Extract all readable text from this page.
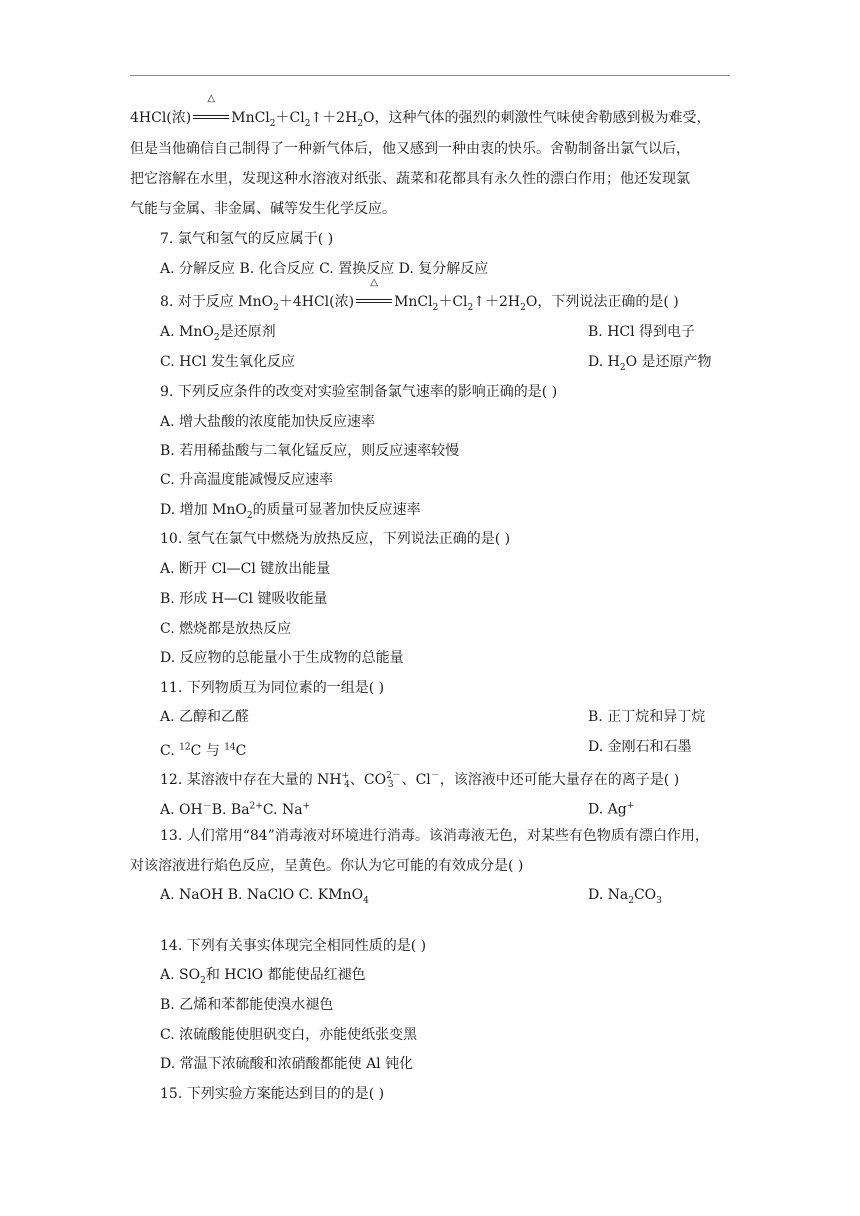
4HCl(浓)
△
$MnCl_2+Cl_2↑+2H_2O$，这种气体的强烈的刺激性气味使舍勒感到极为难受，
但是当他确信自己制得了一种新气体后，他又感到一种由衷的快乐。舍勒制备出氯气以后，
把它溶解在水里，发现这种水溶液对纸张、蔬菜和花都具有永久性的漂白作用；他还发现氯
气能与金属、非金属、碱等发生化学反应。
7. 氯气和氢气的反应属于( )
A. 分解反应 B. 化合反应 C. 置换反应 D. 复分解反应
8. 对于反应 MnO$_2$＋4HCl(浓)
△
$MnCl_2+Cl_2↑+2H_2O$，下列说法正确的是( )
A. MnO$_2$是还原剂	B. HCl 得到电子
C. HCl 发生氧化反应	D. $H_2O$ 是还原产物
9. 下列反应条件的改变对实验室制备氯气速率的影响正确的是( )
A. 增大盐酸的浓度能加快反应速率
B. 若用稀盐酸与二氧化锰反应，则反应速率较慢
C. 升高温度能减慢反应速率
D. 增加 MnO$_2$的质量可显著加快反应速率
10. 氢气在氯气中燃烧为放热反应，下列说法正确的是( )
A. 断开 Cl—Cl 键放出能量
B. 形成 H—Cl 键吸收能量
C. 燃烧都是放热反应
D. 反应物的总能量小于生成物的总能量
11. 下列物质互为同位素的一组是( )
A. 乙醇和乙醛	B. 正丁烷和异丁烷
C. $^{12}$C 与 $^{14}$C	D. 金刚石和石墨
12. 某溶液中存在大量的 $NH^+_4$、$CO^{2-}_3$ 、Cl－，该溶液中还可能大量存在的离子是( )
A. OH－B. $Ba^{2+}C$. Na+	D. Ag+
13. 人们常用“84”消毒液对环境进行消毒。该消毒液无色，对某些有色物质有漂白作用，
对该溶液进行焰色反应，呈黄色。你认为它可能的有效成分是( )
A. NaOH B. NaClO C. KMnO$_4$	D. $Na_2CO_3$
14. 下列有关事实体现完全相同性质的是( )
A. $SO_2$和 HClO 都能使品红褪色
B. 乙烯和苯都能使溴水褪色
C. 浓硫酸能使胆矾变白，亦能使纸张变黑
D. 常温下浓硫酸和浓硝酸都能使 Al 钝化
15. 下列实验方案能达到目的的是( )
